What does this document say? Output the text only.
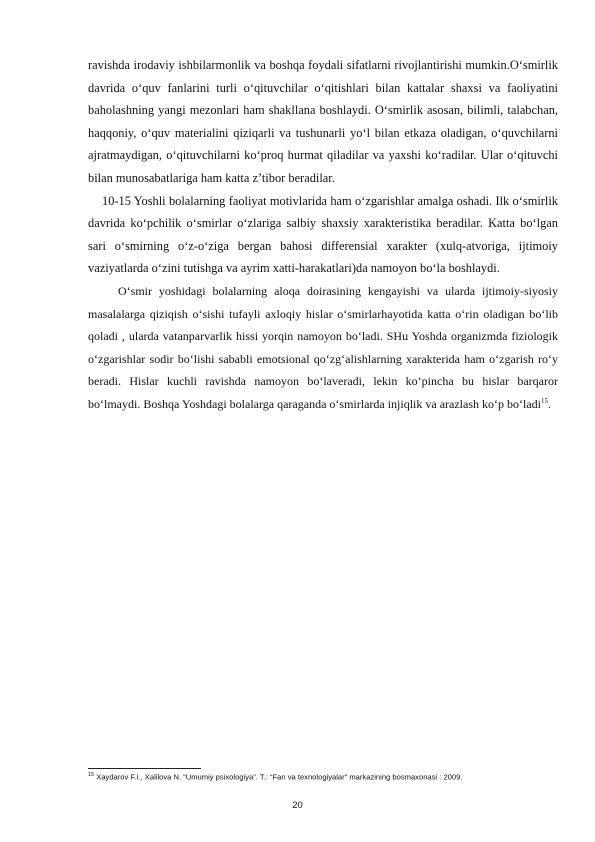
ravishda irodaviy ishbilarmonlik va boshqa foydali sifatlarni rivojlantirishi mumkin.O‘smirlik davrida o‘quv fanlarini turli o‘qituvchilar o‘qitishlari bilan kattalar shaxsi va faoliyatini baholashning yangi mezonlari ham shakllana boshlaydi. O‘smirlik asosan, bilimli, talabchan, haqqoniy, o‘quv materialini qiziqarli va tushunarli yo‘l bilan etkaza oladigan, o‘quvchilarni ajratmaydigan, o‘qituvchilarni ko‘proq hurmat qiladilar va yaxshi ko‘radilar. Ular o‘qituvchi bilan munosabatlariga ham katta z’tibor beradilar.

10-15 Yoshli bolalarning faoliyat motivlarida ham o‘zgarishlar amalga oshadi. Ilk o‘smirlik davrida ko‘pchilik o‘smirlar o‘zlariga salbiy shaxsiy xarakteristika beradilar. Katta bo‘lgan sari o‘smirning o‘z-o‘ziga bergan bahosi differensial xarakter (xulq-atvoriga, ijtimoiy vaziyatlarda o‘zini tutishga va ayrim xatti-harakatlari)da namoyon bo‘la boshlaydi.

O‘smir yoshidagi bolalarning aloqa doirasining kengayishi va ularda ijtimoiy-siyosiy masalalarga qiziqish o‘sishi tufayli axloqiy hislar o‘smirlarhayotida katta o‘rin oladigan bo‘lib qoladi , ularda vatanparvarlik hissi yorqin namoyon bo‘ladi. SHu Yoshda organizmda fiziologik o‘zgarishlar sodir bo‘lishi sababli emotsional qo‘zg‘alishlarning xarakterida ham o‘zgarish ro‘y beradi. Hislar kuchli ravishda namoyon bo‘laveradi, lekin ko‘pincha bu hislar barqaror bo‘lmaydi. Boshqa Yoshdagi bolalarga qaraganda o‘smirlarda injiqlik va arazlash ko‘p bo‘ladi$^{15}$.

$^{15}$ Xaydarov F.I., Xalilova N. “Umumiy psixologiya”. T.: “Fan va texnologiyalar” markazining bosmaxonasi : 2009.
20
